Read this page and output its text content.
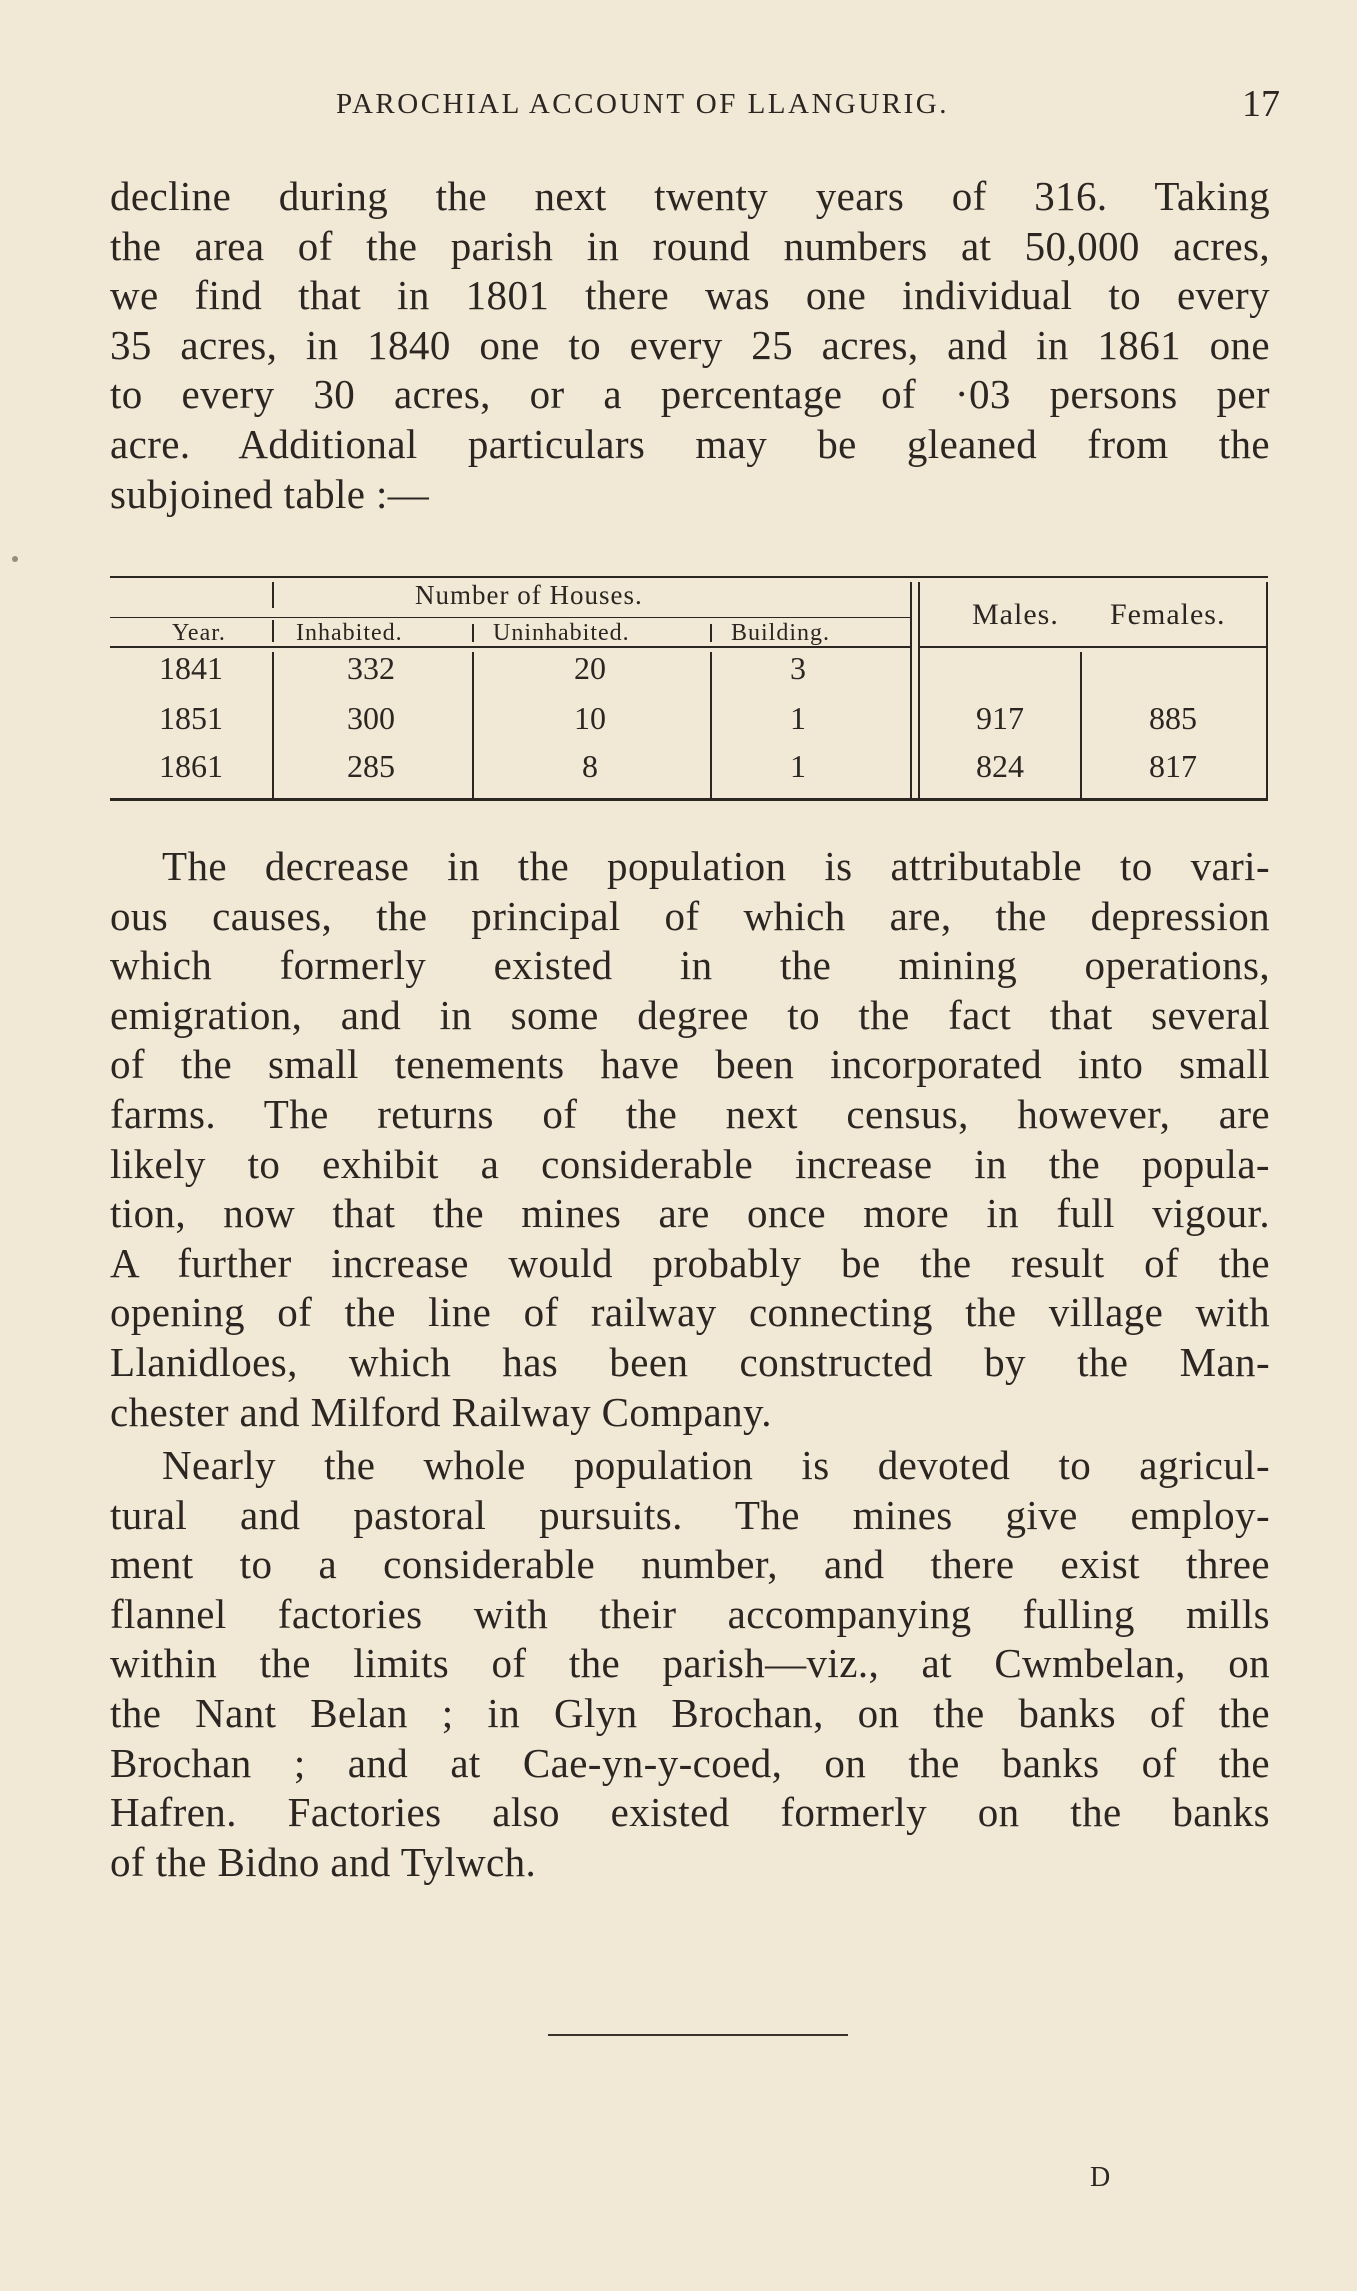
PAROCHIAL ACCOUNT OF LLANGURIG.	17
decline during the next twenty years of 316. Taking
the area of the parish in round numbers at 50,000 acres,
we find that in 1801 there was one individual to every
35 acres, in 1840 one to every 25 acres, and in 1861 one
to every 30 acres, or a percentage of ·03 persons per
acre. Additional particulars may be gleaned from the
subjoined table :—
Number of Houses.
Year.	Inhabited.	Uninhabited.	Building.
Males. Females.
1841	332	20	3
1851	300	10	1	917	885
1861	285	8	1	824	817
The decrease in the population is attributable to vari-
ous causes, the principal of which are, the depression
which formerly existed in the mining operations,
emigration, and in some degree to the fact that several
of the small tenements have been incorporated into small
farms. The returns of the next census, however, are
likely to exhibit a considerable increase in the popula-
tion, now that the mines are once more in full vigour.
A further increase would probably be the result of the
opening of the line of railway connecting the village with
Llanidloes, which has been constructed by the Man-
chester and Milford Railway Company.
Nearly the whole population is devoted to agricul-
tural and pastoral pursuits. The mines give employ-
ment to a considerable number, and there exist three
flannel factories with their accompanying fulling mills
within the limits of the parish—viz., at Cwmbelan, on
the Nant Belan ; in Glyn Brochan, on the banks of the
Brochan ; and at Cae-yn-y-coed, on the banks of the
Hafren. Factories also existed formerly on the banks
of the Bidno and Tylwch.
D
